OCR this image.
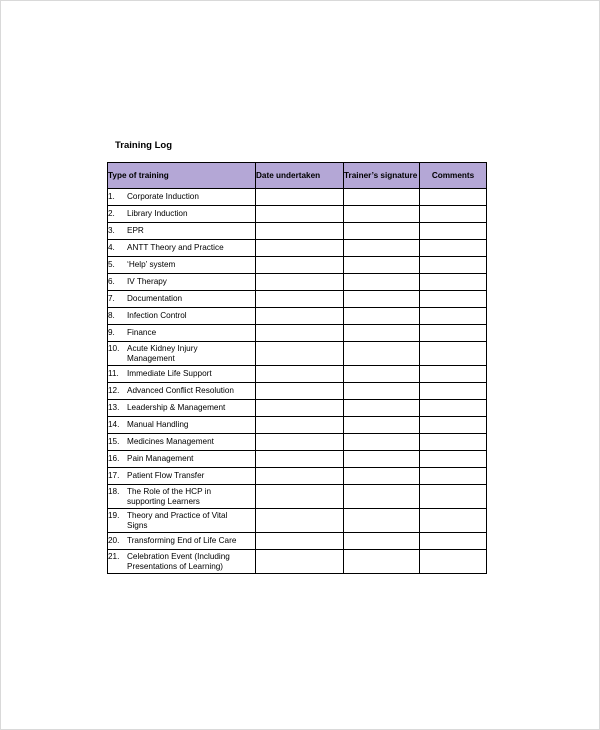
Training Log
Type of training	Date undertaken	Trainer’s signature	Comments
1. Corporate Induction			
2. Library Induction			
3. EPR			
4. ANTT Theory and Practice			
5. ‘Help’ system			
6. IV Therapy			
7. Documentation			
8. Infection Control			
9. Finance			
10. Acute Kidney Injury Management			
11. Immediate Life Support			
12. Advanced Conflict Resolution			
13. Leadership & Management			
14. Manual Handling			
15. Medicines Management			
16. Pain Management			
17. Patient Flow Transfer			
18. The Role of the HCP in supporting Learners			
19. Theory and Practice of Vital Signs			
20. Transforming End of Life Care			
21. Celebration Event (Including Presentations of Learning)			
